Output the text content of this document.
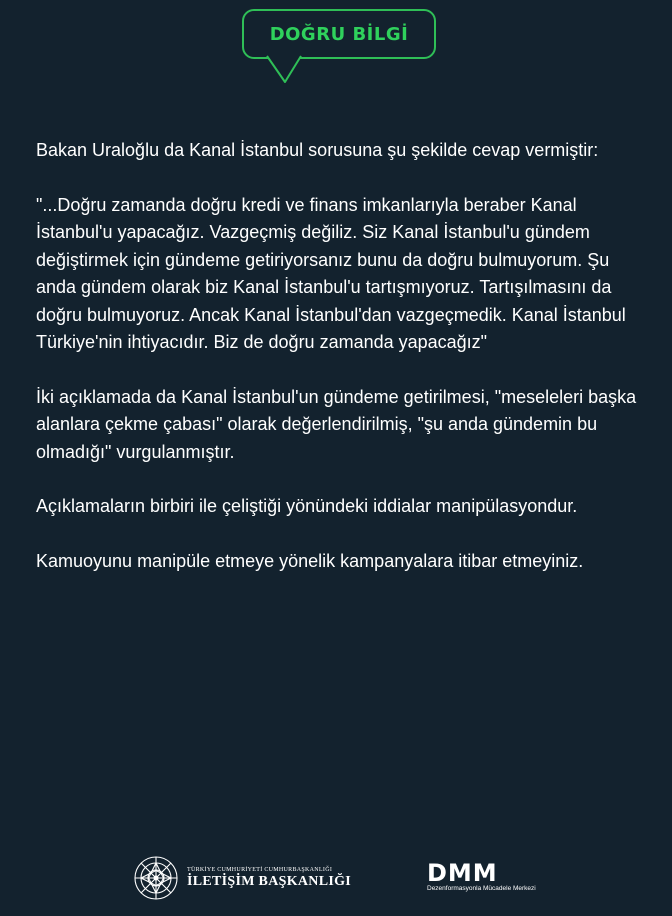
DOĞRU BİLGİ

Bakan Uraloğlu da Kanal İstanbul sorusuna şu şekilde cevap vermiştir:

"...Doğru zamanda doğru kredi ve finans imkanlarıyla beraber Kanal İstanbul'u yapacağız. Vazgeçmiş değiliz. Siz Kanal İstanbul'u gündem değiştirmek için gündeme getiriyorsanız bunu da doğru bulmuyorum. Şu anda gündem olarak biz Kanal İstanbul'u tartışmıyoruz. Tartışılmasını da doğru bulmuyoruz. Ancak Kanal İstanbul'dan vazgeçmedik. Kanal İstanbul Türkiye'nin ihtiyacıdır. Biz de doğru zamanda yapacağız"

İki açıklamada da Kanal İstanbul'un gündeme getirilmesi, "meseleleri başka alanlara çekme çabası" olarak değerlendirilmiş, "şu anda gündemin bu olmadığı" vurgulanmıştır.

Açıklamaların birbiri ile çeliştiği yönündeki iddialar manipülasyondur.

Kamuoyunu manipüle etmeye yönelik kampanyalara itibar etmeyiniz.

TÜRKİYE CUMHURİYETİ CUMHURBAŞKANLIĞI
İLETİŞİM BAŞKANLIĞI	DMM
Dezenformasyonla Mücadele Merkezi
